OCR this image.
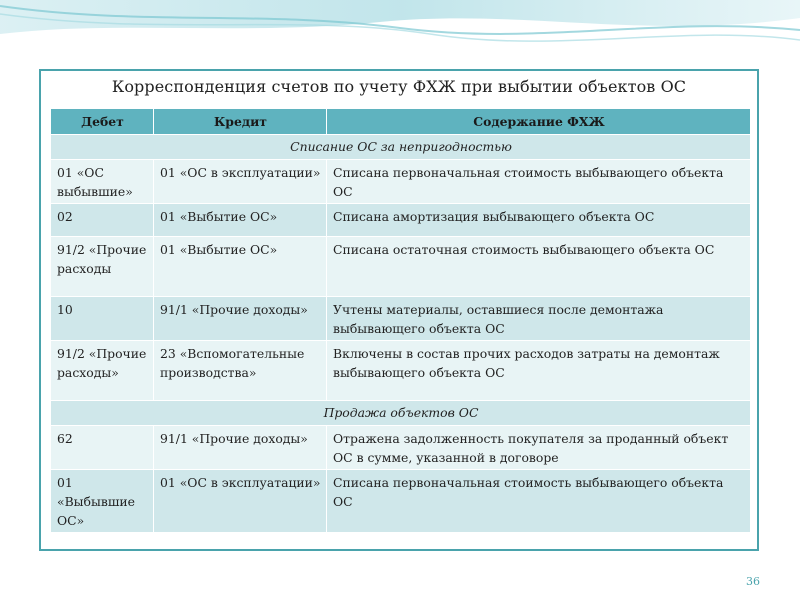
Корреспонденция счетов по учету ФХЖ при выбытии объектов ОС
Дебет	Кредит	Содержание ФХЖ
Списание ОС за непригодностью		
01 «ОС выбывшие»	01 «ОС в эксплуатации»	Списана первоначальная стоимость выбывающего объекта ОС
02	01 «Выбытие ОС»	Списана амортизация выбывающего объекта ОС
91/2 «Прочие расходы	01 «Выбытие ОС»	Списана остаточная стоимость выбывающего объекта ОС
10	91/1 «Прочие доходы»	Учтены материалы, оставшиеся после демонтажа выбывающего объекта ОС
91/2 «Прочие расходы»	23 «Вспомогательные производства»	Включены в состав прочих расходов затраты на демонтаж выбывающего объекта ОС
Продажа объектов ОС		
62	91/1 «Прочие доходы»	Отражена задолженность покупателя за проданный объект ОС в сумме, указанной в договоре
01 «Выбывшие ОС»	01 «ОС в эксплуатации»	Списана первоначальная стоимость выбывающего объекта ОС
36
